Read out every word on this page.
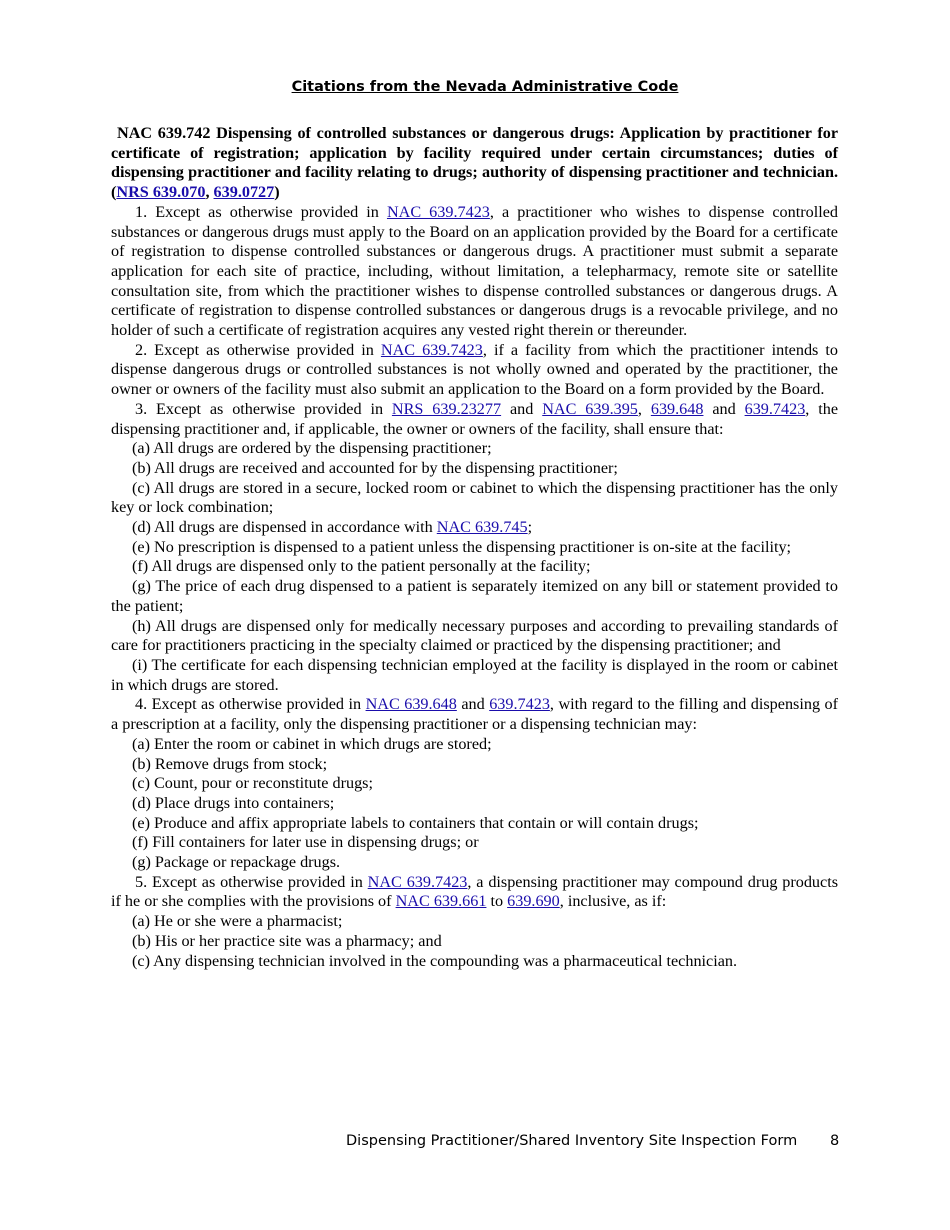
Citations from the Nevada Administrative Code

NAC 639.742 Dispensing of controlled substances or dangerous drugs: Application by practitioner for certificate of registration; application by facility required under certain circumstances; duties of dispensing practitioner and facility relating to drugs; authority of dispensing practitioner and technician. (NRS 639.070, 639.0727)

1. Except as otherwise provided in NAC 639.7423, a practitioner who wishes to dispense controlled substances or dangerous drugs must apply to the Board on an application provided by the Board for a certificate of registration to dispense controlled substances or dangerous drugs. A practitioner must submit a separate application for each site of practice, including, without limitation, a telepharmacy, remote site or satellite consultation site, from which the practitioner wishes to dispense controlled substances or dangerous drugs. A certificate of registration to dispense controlled substances or dangerous drugs is a revocable privilege, and no holder of such a certificate of registration acquires any vested right therein or thereunder.

2. Except as otherwise provided in NAC 639.7423, if a facility from which the practitioner intends to dispense dangerous drugs or controlled substances is not wholly owned and operated by the practitioner, the owner or owners of the facility must also submit an application to the Board on a form provided by the Board.

3. Except as otherwise provided in NRS 639.23277 and NAC 639.395, 639.648 and 639.7423, the dispensing practitioner and, if applicable, the owner or owners of the facility, shall ensure that:

(a) All drugs are ordered by the dispensing practitioner;

(b) All drugs are received and accounted for by the dispensing practitioner;

(c) All drugs are stored in a secure, locked room or cabinet to which the dispensing practitioner has the only key or lock combination;

(d) All drugs are dispensed in accordance with NAC 639.745;

(e) No prescription is dispensed to a patient unless the dispensing practitioner is on-site at the facility;

(f) All drugs are dispensed only to the patient personally at the facility;

(g) The price of each drug dispensed to a patient is separately itemized on any bill or statement provided to the patient;

(h) All drugs are dispensed only for medically necessary purposes and according to prevailing standards of care for practitioners practicing in the specialty claimed or practiced by the dispensing practitioner; and

(i) The certificate for each dispensing technician employed at the facility is displayed in the room or cabinet in which drugs are stored.

4. Except as otherwise provided in NAC 639.648 and 639.7423, with regard to the filling and dispensing of a prescription at a facility, only the dispensing practitioner or a dispensing technician may:

(a) Enter the room or cabinet in which drugs are stored;

(b) Remove drugs from stock;

(c) Count, pour or reconstitute drugs;

(d) Place drugs into containers;

(e) Produce and affix appropriate labels to containers that contain or will contain drugs;

(f) Fill containers for later use in dispensing drugs; or

(g) Package or repackage drugs.

5. Except as otherwise provided in NAC 639.7423, a dispensing practitioner may compound drug products if he or she complies with the provisions of NAC 639.661 to 639.690, inclusive, as if:

(a) He or she were a pharmacist;

(b) His or her practice site was a pharmacy; and

(c) Any dispensing technician involved in the compounding was a pharmaceutical technician.

Dispensing Practitioner/Shared Inventory Site Inspection Form 8
